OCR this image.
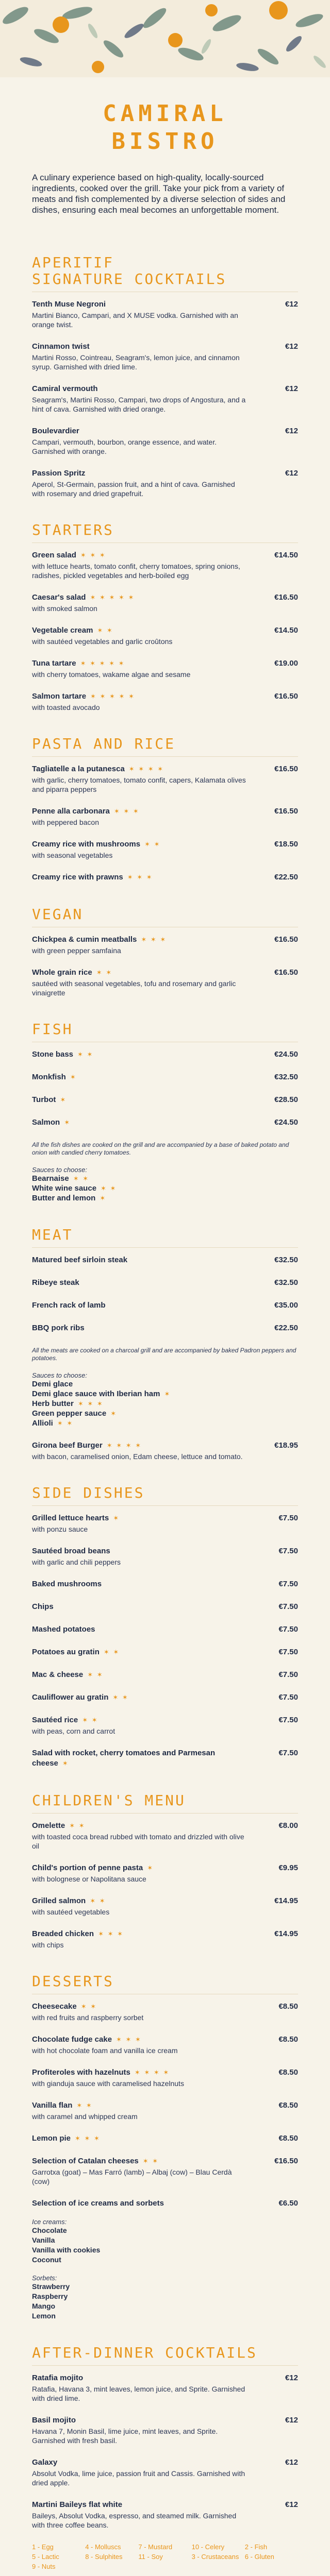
CAMIRAL
BISTRO

A culinary experience based on high-quality, locally-sourced ingredients, cooked over the grill. Take your pick from a variety of meats and fish complemented by a diverse selection of sides and dishes, ensuring each meal becomes an unforgettable moment.

APERITIF
SIGNATURE COCKTAILS
Tenth Muse Negroni
Martini Bianco, Campari, and X MUSE vodka. Garnished with an orange twist.
€12
Cinnamon twist
Martini Rosso, Cointreau, Seagram's, lemon juice, and cinnamon syrup. Garnished with dried lime.
€12
Camiral vermouth
Seagram's, Martini Rosso, Campari, two drops of Angostura, and a hint of cava. Garnished with dried orange.
€12
Boulevardier
Campari, vermouth, bourbon, orange essence, and water. Garnished with orange.
€12
Passion Spritz
Aperol, St-Germain, passion fruit, and a hint of cava. Garnished with rosemary and dried grapefruit.
€12
STARTERS
Green salad ✶ ✶ ✶
with lettuce hearts, tomato confit, cherry tomatoes, spring onions, radishes, pickled vegetables and herb-boiled egg
€14.50
Caesar's salad ✶ ✶ ✶ ✶ ✶
with smoked salmon
€16.50
Vegetable cream ✶ ✶
with sautéed vegetables and garlic croûtons
€14.50
Tuna tartare ✶ ✶ ✶ ✶ ✶
with cherry tomatoes, wakame algae and sesame
€19.00
Salmon tartare ✶ ✶ ✶ ✶ ✶
with toasted avocado
€16.50
PASTA AND RICE
Tagliatelle a la putanesca ✶ ✶ ✶ ✶
with garlic, cherry tomatoes, tomato confit, capers, Kalamata olives and piparra peppers
€16.50
Penne alla carbonara ✶ ✶ ✶
with peppered bacon
€16.50
Creamy rice with mushrooms ✶ ✶
with seasonal vegetables
€18.50
Creamy rice with prawns ✶ ✶ ✶	€22.50
VEGAN
Chickpea & cumin meatballs ✶ ✶ ✶
with green pepper samfaina
€16.50
Whole grain rice ✶ ✶
sautéed with seasonal vegetables, tofu and rosemary and garlic vinaigrette
€16.50
FISH
Stone bass ✶ ✶	€24.50
Monkfish ✶	€32.50
Turbot ✶	€28.50
Salmon ✶	€24.50

All the fish dishes are cooked on the grill and are accompanied by a base of baked potato and onion with candied cherry tomatoes.

Sauces to choose:

Bearnaise ✶ ✶
White wine sauce ✶ ✶
Butter and lemon ✶
MEAT
Matured beef sirloin steak	€32.50
Ribeye steak	€32.50
French rack of lamb	€35.00
BBQ pork ribs	€22.50

All the meats are cooked on a charcoal grill and are accompanied by baked Padron peppers and potatoes.

Sauces to choose:

Demi glace
Demi glace sauce with Iberian ham ✶
Herb butter ✶ ✶ ✶
Green pepper sauce ✶
Allioli ✶ ✶
Girona beef Burger ✶ ✶ ✶ ✶
with bacon, caramelised onion, Edam cheese, lettuce and tomato.
€18.95
SIDE DISHES
Grilled lettuce hearts ✶
with ponzu sauce
€7.50
Sautéed broad beans
with garlic and chili peppers
€7.50
Baked mushrooms	€7.50
Chips	€7.50
Mashed potatoes	€7.50
Potatoes au gratin ✶ ✶	€7.50
Mac & cheese ✶ ✶	€7.50
Cauliflower au gratin ✶ ✶	€7.50
Sautéed rice ✶ ✶
with peas, corn and carrot
€7.50
Salad with rocket, cherry tomatoes and Parmesan cheese ✶
€7.50
CHILDREN'S MENU
Omelette ✶ ✶
with toasted coca bread rubbed with tomato and drizzled with olive oil
€8.00
Child's portion of penne pasta ✶
with bolognese or Napolitana sauce
€9.95
Grilled salmon ✶ ✶
with sautéed vegetables
€14.95
Breaded chicken ✶ ✶ ✶
with chips
€14.95
DESSERTS
Cheesecake ✶ ✶
with red fruits and raspberry sorbet
€8.50
Chocolate fudge cake ✶ ✶ ✶
with hot chocolate foam and vanilla ice cream
€8.50
Profiteroles with hazelnuts ✶ ✶ ✶ ✶
with gianduja sauce with caramelised hazelnuts
€8.50
Vanilla flan ✶ ✶
with caramel and whipped cream
€8.50
Lemon pie ✶ ✶ ✶	€8.50
Selection of Catalan cheeses ✶ ✶
Garrotxa (goat) – Mas Farró (lamb) – Albaj (cow) – Blau Cerdà (cow)
€16.50
Selection of ice creams and sorbets	€6.50

Ice creams:

Chocolate
Vanilla
Vanilla with cookies
Coconut

Sorbets:

Strawberry
Raspberry
Mango
Lemon
AFTER-DINNER COCKTAILS
Ratafia mojito
Ratafia, Havana 3, mint leaves, lemon juice, and Sprite. Garnished with dried lime.
€12
Basil mojito
Havana 7, Monin Basil, lime juice, mint leaves, and Sprite. Garnished with fresh basil.
€12
Galaxy
Absolut Vodka, lime juice, passion fruit and Cassis. Garnished with dried apple.
€12
Martini Baileys flat white
Baileys, Absolut Vodka, espresso, and steamed milk. Garnished with three coffee beans.
€12
1 - Egg	4 - Molluscs	7 - Mustard	10 - Celery	2 - Fish
5 - Lactic	8 - Sulphites	11 - Soy	3 - Crustaceans 6 - Gluten
9 - Nuts
